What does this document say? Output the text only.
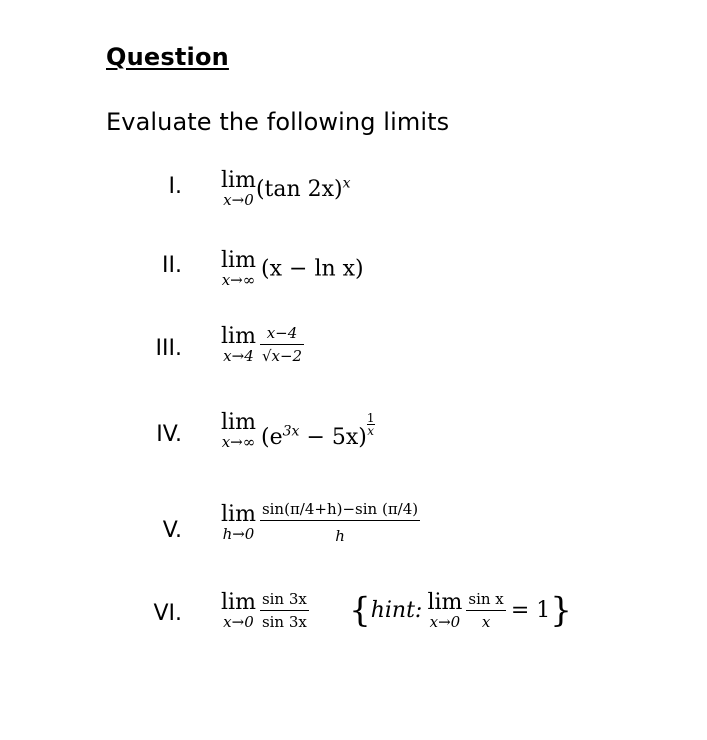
Question
Evaluate the following limits
I. lim
x→0 (tan 2x)$^x$
II. lim
x→∞ (x − ln x)
III. lim
$x\to 4 \frac{x-4}{√x-2}$
IV. lim
x→∞ $(e^{3x} - 5x) \frac{1}{x}$
V.
lim
$h\to 0 \frac{\sin(\pi/4+h)-\sin (\pi/4)}{h}$
VI. lim
$x\to 0 \frac{\sin 3x}{\sin 3x}$ {hint: lim
$x\to 0 \frac{\text{sin x}}{x} = 1$}
